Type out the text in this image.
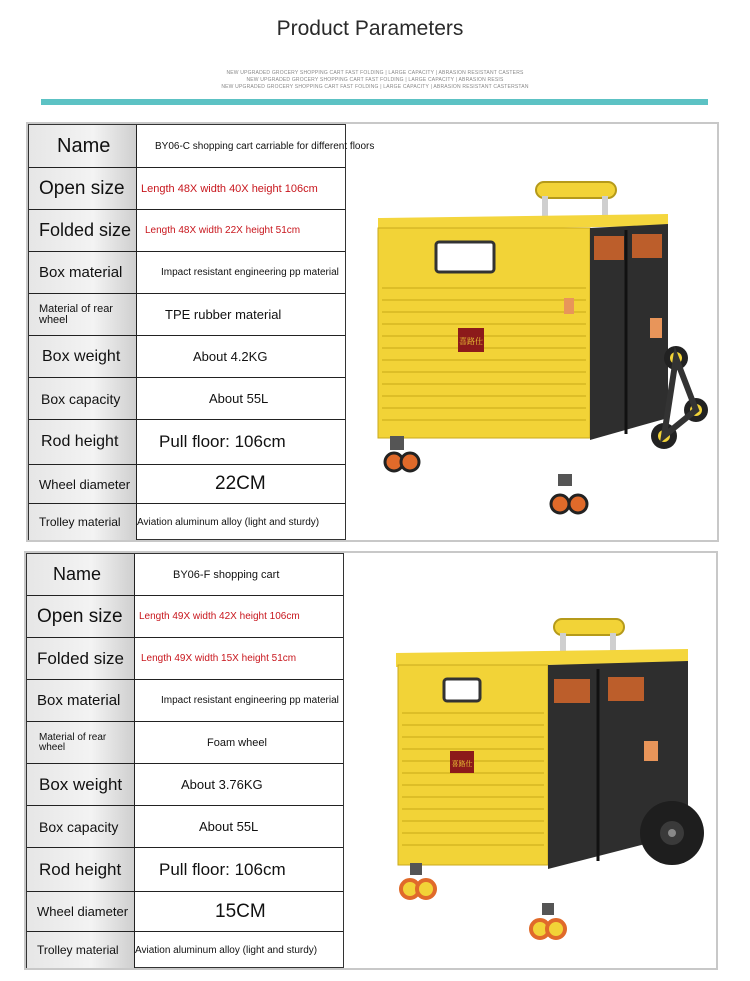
Product Parameters
NEW UPGRADED GROCERY SHOPPING CART FAST FOLDING | LARGE CAPACITY | ABRASION RESISTANT CASTERS
NEW UPGRADED GROCERY SHOPPING CART FAST FOLDING | LARGE CAPACITY | ABRASION RESIS
NEW UPGRADED GROCERY SHOPPING CART FAST FOLDING | LARGE CAPACITY | ABRASION RESISTANT CASTERSTAN
Name	BY06-C shopping cart carriable for different floors
Open size	Length 48X width 40X height 106cm
Folded size	Length 48X width 22X height 51cm
Box material	Impact resistant engineering pp material
Material of rear wheel	TPE rubber material
Box weight	About 4.2KG
Box capacity	About 55L
Rod height	Pull floor: 106cm
Wheel diameter	22CM
Trolley material	Aviation aluminum alloy (light and sturdy)
喜路仕
Name	BY06-F shopping cart
Open size	Length 49X width 42X height 106cm
Folded size	Length 49X width 15X height 51cm
Box material	Impact resistant engineering pp material
Material of rear wheel	Foam wheel
Box weight	About 3.76KG
Box capacity	About 55L
Rod height	Pull floor: 106cm
Wheel diameter	15CM
Trolley material	Aviation aluminum alloy (light and sturdy)
喜路仕
